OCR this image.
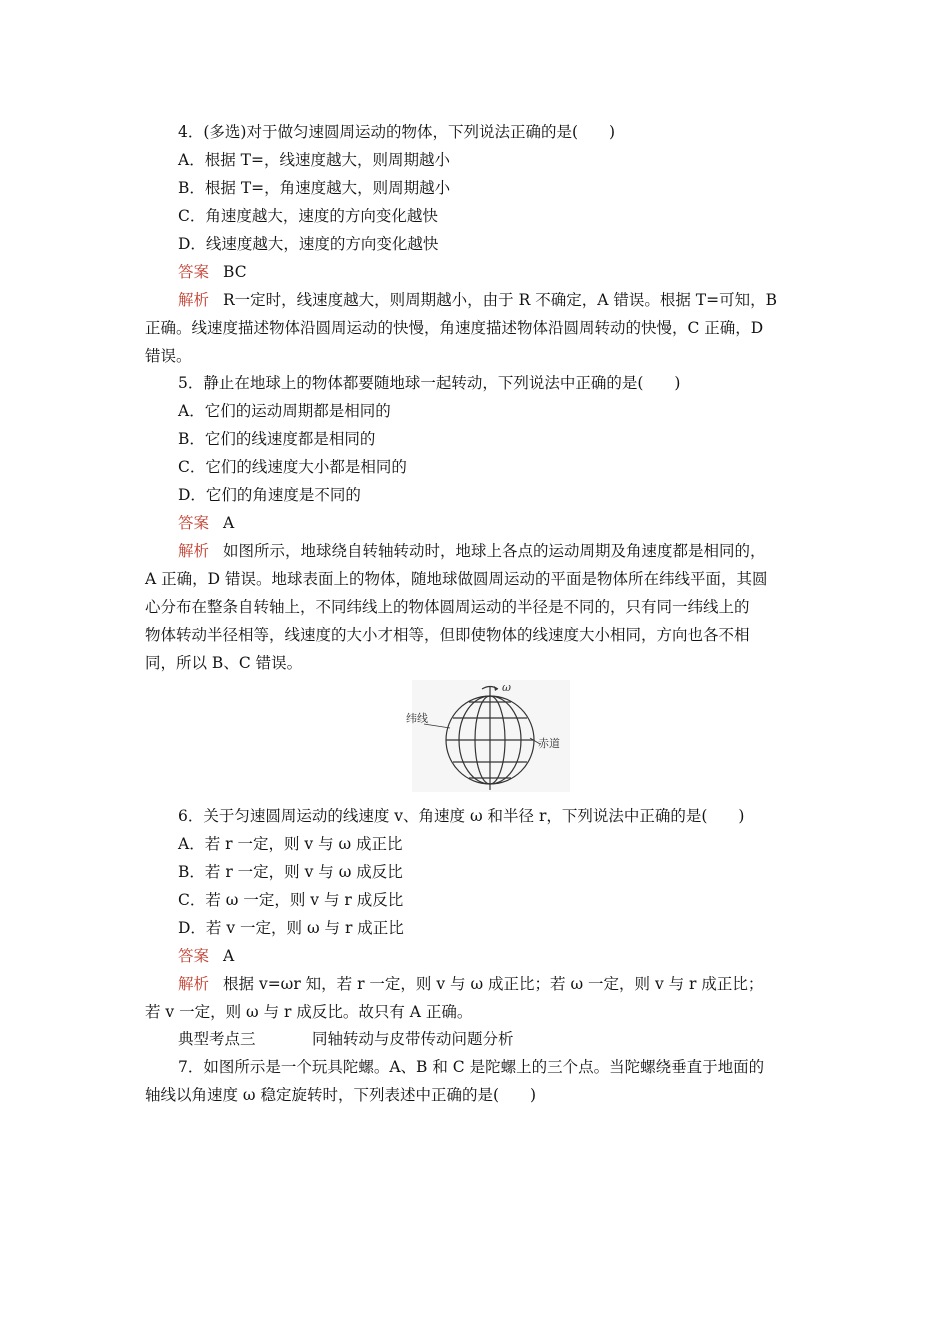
4．(多选)对于做匀速圆周运动的物体，下列说法正确的是(　　)
A．根据 T=，线速度越大，则周期越小
B．根据 T=，角速度越大，则周期越小
C．角速度越大，速度的方向变化越快
D．线速度越大，速度的方向变化越快
答案 BC
解析 R一定时，线速度越大，则周期越小，由于 R 不确定，A 错误。根据 T=可知，B
正确。线速度描述物体沿圆周运动的快慢，角速度描述物体沿圆周转动的快慢，C 正确，D
错误。
5．静止在地球上的物体都要随地球一起转动，下列说法中正确的是(　　)
A．它们的运动周期都是相同的
B．它们的线速度都是相同的
C．它们的线速度大小都是相同的
D．它们的角速度是不同的
答案 A
解析 如图所示，地球绕自转轴转动时，地球上各点的运动周期及角速度都是相同的，
A 正确，D 错误。地球表面上的物体，随地球做圆周运动的平面是物体所在纬线平面，其圆
心分布在整条自转轴上，不同纬线上的物体圆周运动的半径是不同的，只有同一纬线上的
物体转动半径相等，线速度的大小才相等，但即使物体的线速度大小相同，方向也各不相
同，所以 B、C 错误。
纬线
赤道
ω
6．关于匀速圆周运动的线速度 v、角速度 ω 和半径 r，下列说法中正确的是(　　)
A．若 r 一定，则 v 与 ω 成正比
B．若 r 一定，则 v 与 ω 成反比
C．若 ω 一定，则 v 与 r 成反比
D．若 v 一定，则 ω 与 r 成正比
答案 A
解析 根据 v=ωr 知，若 r 一定，则 v 与 ω 成正比；若 ω 一定，则 v 与 r 成正比；
若 v 一定，则 ω 与 r 成反比。故只有 A 正确。
典型考点三	同轴转动与皮带传动问题分析
7．如图所示是一个玩具陀螺。A、B 和 C 是陀螺上的三个点。当陀螺绕垂直于地面的
轴线以角速度 ω 稳定旋转时，下列表述中正确的是(　　)
